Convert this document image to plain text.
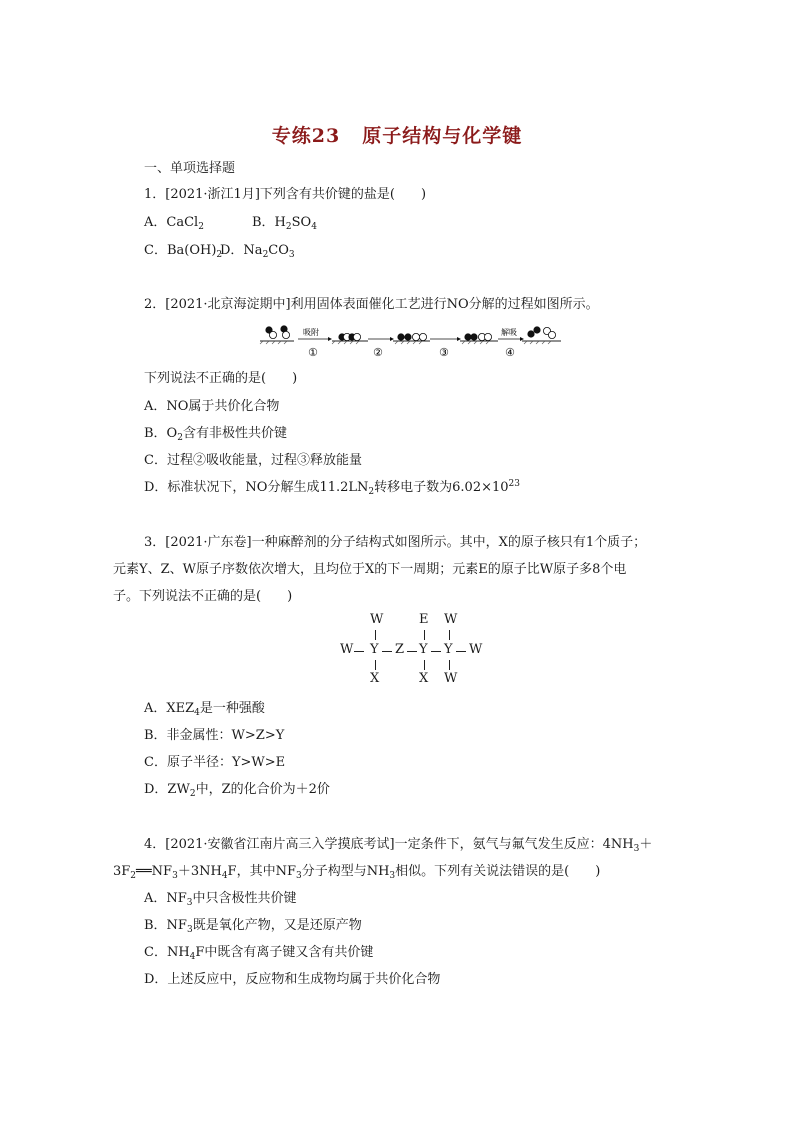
专练23 原子结构与化学键
一、单项选择题
1．[2021·浙江1月]下列含有共价键的盐是(　　)
A．CaCl$_2$	B．$H_2SO_4$
C．$Ba(OH)_2$
D．$Na_2CO_3$
2．[2021·北京海淀期中]利用固体表面催化工艺进行NO分解的过程如图所示。
吸附	解吸
①	②	③	④
下列说法不正确的是(　　)
A．NO属于共价化合物
B．$O_2$含有非极性共价键
C．过程②吸收能量，过程③释放能量
D．标准状况下，NO分解生成$11.2LN_2$转移电子数为$6.02\times 10^{23}$
3．[2021·广东卷]一种麻醉剂的分子结构式如图所示。其中，X的原子核只有1个质子；
元素Y、Z、W原子序数依次增大，且均位于X的下一周期；元素E的原子比W原子多8个电
子。下列说法不正确的是(　　)
W	E W
W Y Z Y Y W
X	X W
A．$XEZ_4$是一种强酸
B．非金属性：W>Z>Y
C．原子半径：Y>W>E
D．$ZW_2$中，Z的化合价为＋2价
4．[2021·安徽省江南片高三入学摸底考试]一定条件下，氨气与氟气发生反应：$4NH_3+$
$3F_2══NF_3+3NH_4F$，其中$NF_3$分子构型与$NH_3$相似。下列有关说法错误的是(　　)
A．$NF_3$中只含极性共价键
B．$NF_3$既是氧化产物，又是还原产物
C．$NH_4F$中既含有离子键又含有共价键
D．上述反应中，反应物和生成物均属于共价化合物
